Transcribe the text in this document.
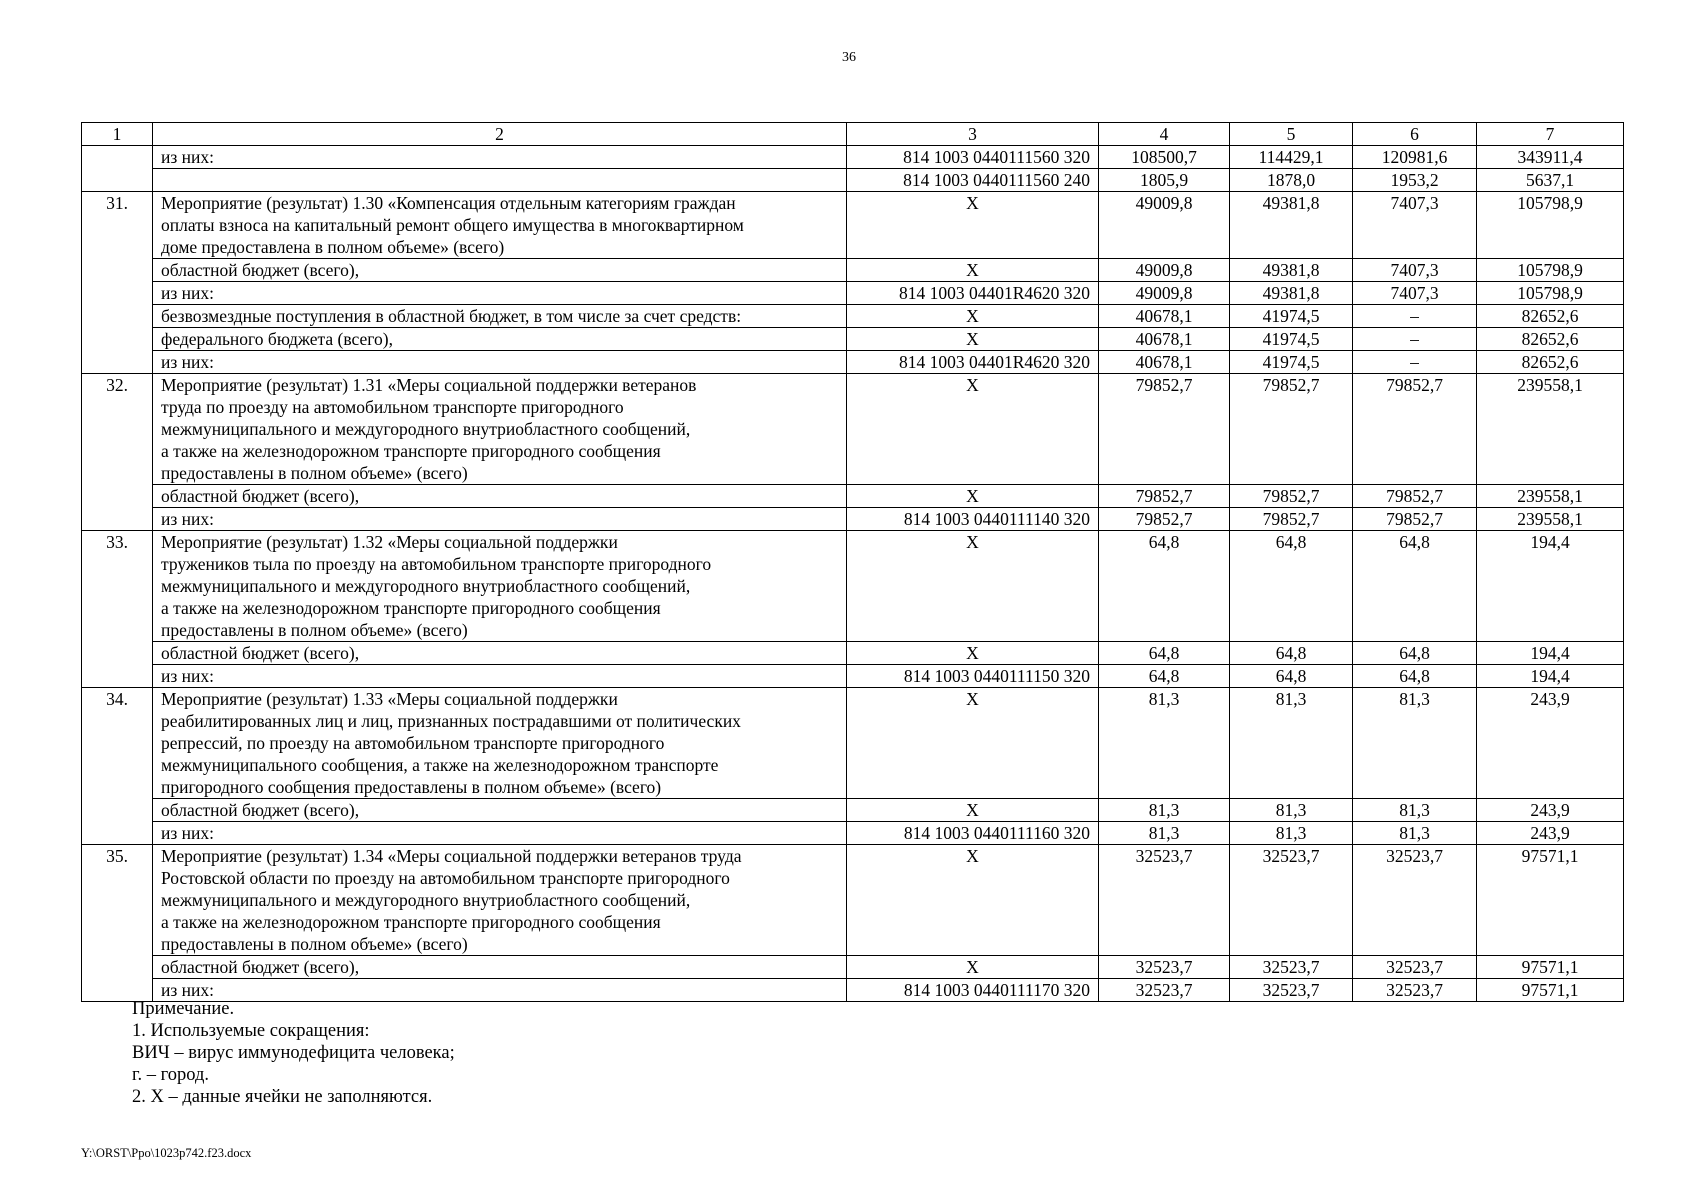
36
1	2	3	4	5	6	7
	из них:	814 1003 0440111560 320	108500,7	114429,1	120981,6	343911,4
		814 1003 0440111560 240	1805,9	1878,0	1953,2	5637,1
31.	Мероприятие (результат) 1.30 «Компенсация отдельным категориям граждан
оплаты взноса на капитальный ремонт общего имущества в многоквартирном
доме предоставлена в полном объеме» (всего)	X	49009,8	49381,8	7407,3	105798,9
	областной бюджет (всего),	X	49009,8	49381,8	7407,3	105798,9
	из них:	814 1003 04401R4620 320	49009,8	49381,8	7407,3	105798,9
	безвозмездные поступления в областной бюджет, в том числе за счет средств:	X	40678,1	41974,5	–	82652,6
	федерального бюджета (всего),	X	40678,1	41974,5	–	82652,6
	из них:	814 1003 04401R4620 320	40678,1	41974,5	–	82652,6
32.	Мероприятие (результат) 1.31 «Меры социальной поддержки ветеранов
труда по проезду на автомобильном транспорте пригородного
межмуниципального и междугородного внутриобластного сообщений,
а также на железнодорожном транспорте пригородного сообщения
предоставлены в полном объеме» (всего)	X	79852,7	79852,7	79852,7	239558,1
	областной бюджет (всего),	X	79852,7	79852,7	79852,7	239558,1
	из них:	814 1003 0440111140 320	79852,7	79852,7	79852,7	239558,1
33.	Мероприятие (результат) 1.32 «Меры социальной поддержки
тружеников тыла по проезду на автомобильном транспорте пригородного
межмуниципального и междугородного внутриобластного сообщений,
а также на железнодорожном транспорте пригородного сообщения
предоставлены в полном объеме» (всего)	X	64,8	64,8	64,8	194,4
	областной бюджет (всего),	X	64,8	64,8	64,8	194,4
	из них:	814 1003 0440111150 320	64,8	64,8	64,8	194,4
34.	Мероприятие (результат) 1.33 «Меры социальной поддержки
реабилитированных лиц и лиц, признанных пострадавшими от политических
репрессий, по проезду на автомобильном транспорте пригородного
межмуниципального сообщения, а также на железнодорожном транспорте
пригородного сообщения предоставлены в полном объеме» (всего)	X	81,3	81,3	81,3	243,9
	областной бюджет (всего),	X	81,3	81,3	81,3	243,9
	из них:	814 1003 0440111160 320	81,3	81,3	81,3	243,9
35.	Мероприятие (результат) 1.34 «Меры социальной поддержки ветеранов труда
Ростовской области по проезду на автомобильном транспорте пригородного
межмуниципального и междугородного внутриобластного сообщений,
а также на железнодорожном транспорте пригородного сообщения
предоставлены в полном объеме» (всего)	X	32523,7	32523,7	32523,7	97571,1
	областной бюджет (всего),	X	32523,7	32523,7	32523,7	97571,1
	из них:	814 1003 0440111170 320	32523,7	32523,7	32523,7	97571,1
Примечание.
1. Используемые сокращения:
ВИЧ – вирус иммунодефицита человека;
г. – город.
2. X – данные ячейки не заполняются.
Y:\ORST\Ppo\1023p742.f23.docx
